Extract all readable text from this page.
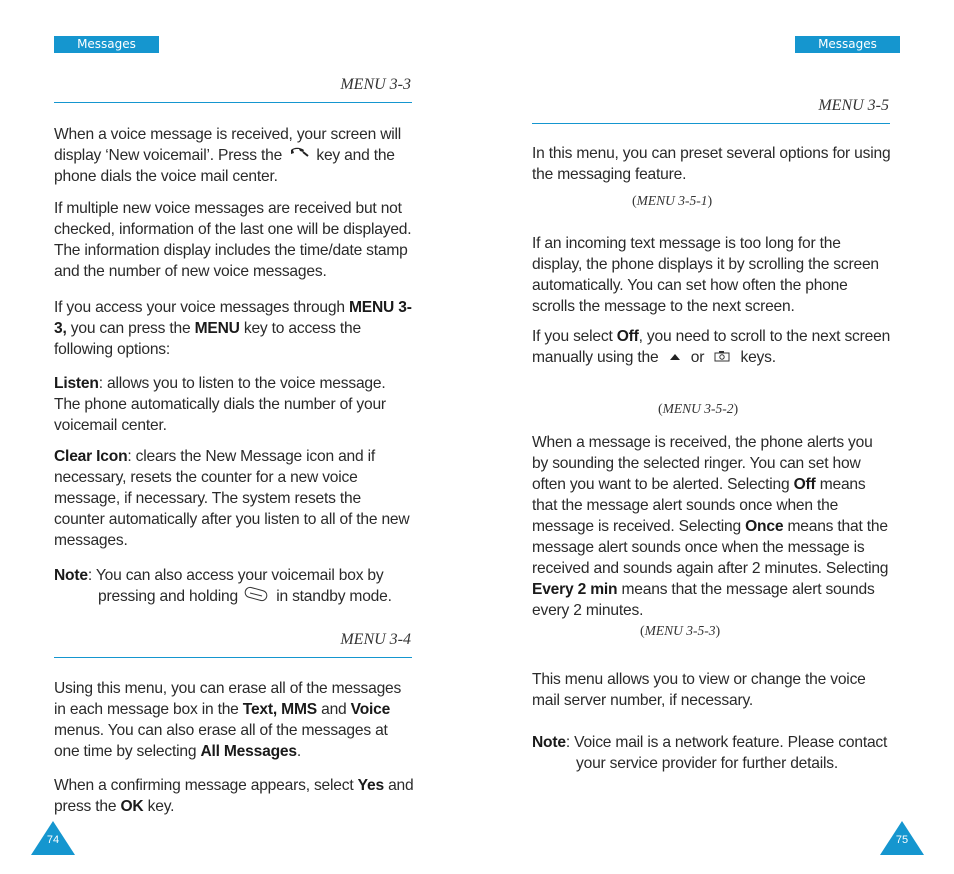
Messages
MENU 3-3
When a voice message is received, your screen will display ‘New voicemail’. Press the key and the phone dials the voice mail center.
If multiple new voice messages are received but not checked, information of the last one will be displayed. The information display includes the time/date stamp and the number of new voice messages.
If you access your voice messages through MENU 3-3, you can press the MENU key to access the following options:
Listen: allows you to listen to the voice message. The phone automatically dials the number of your voicemail center.
Clear Icon: clears the New Message icon and if necessary, resets the counter for a new voice message, if necessary. The system resets the counter automatically after you listen to all of the new messages.
Note: You can also access your voicemail box by
pressing and holding in standby mode.
MENU 3-4
Using this menu, you can erase all of the messages in each message box in the Text, MMS and Voice menus. You can also erase all of the messages at one time by selecting All Messages.
When a confirming message appears, select Yes and press the OK key.
74
Messages
MENU 3-5
In this menu, you can preset several options for using the messaging feature.
(MENU 3-5-1)
If an incoming text message is too long for the display, the phone displays it by scrolling the screen automatically. You can set how often the phone scrolls the message to the next screen.
If you select Off, you need to scroll to the next screen manually using the or keys.
(MENU 3-5-2)
When a message is received, the phone alerts you by sounding the selected ringer. You can set how often you want to be alerted. Selecting Off means that the message alert sounds once when the message is received. Selecting Once means that the message alert sounds once when the message is received and sounds again after 2 minutes. Selecting Every 2 min means that the message alert sounds every 2 minutes.
(MENU 3-5-3)
This menu allows you to view or change the voice mail server number, if necessary.
Note: Voice mail is a network feature. Please contact
your service provider for further details.
75
